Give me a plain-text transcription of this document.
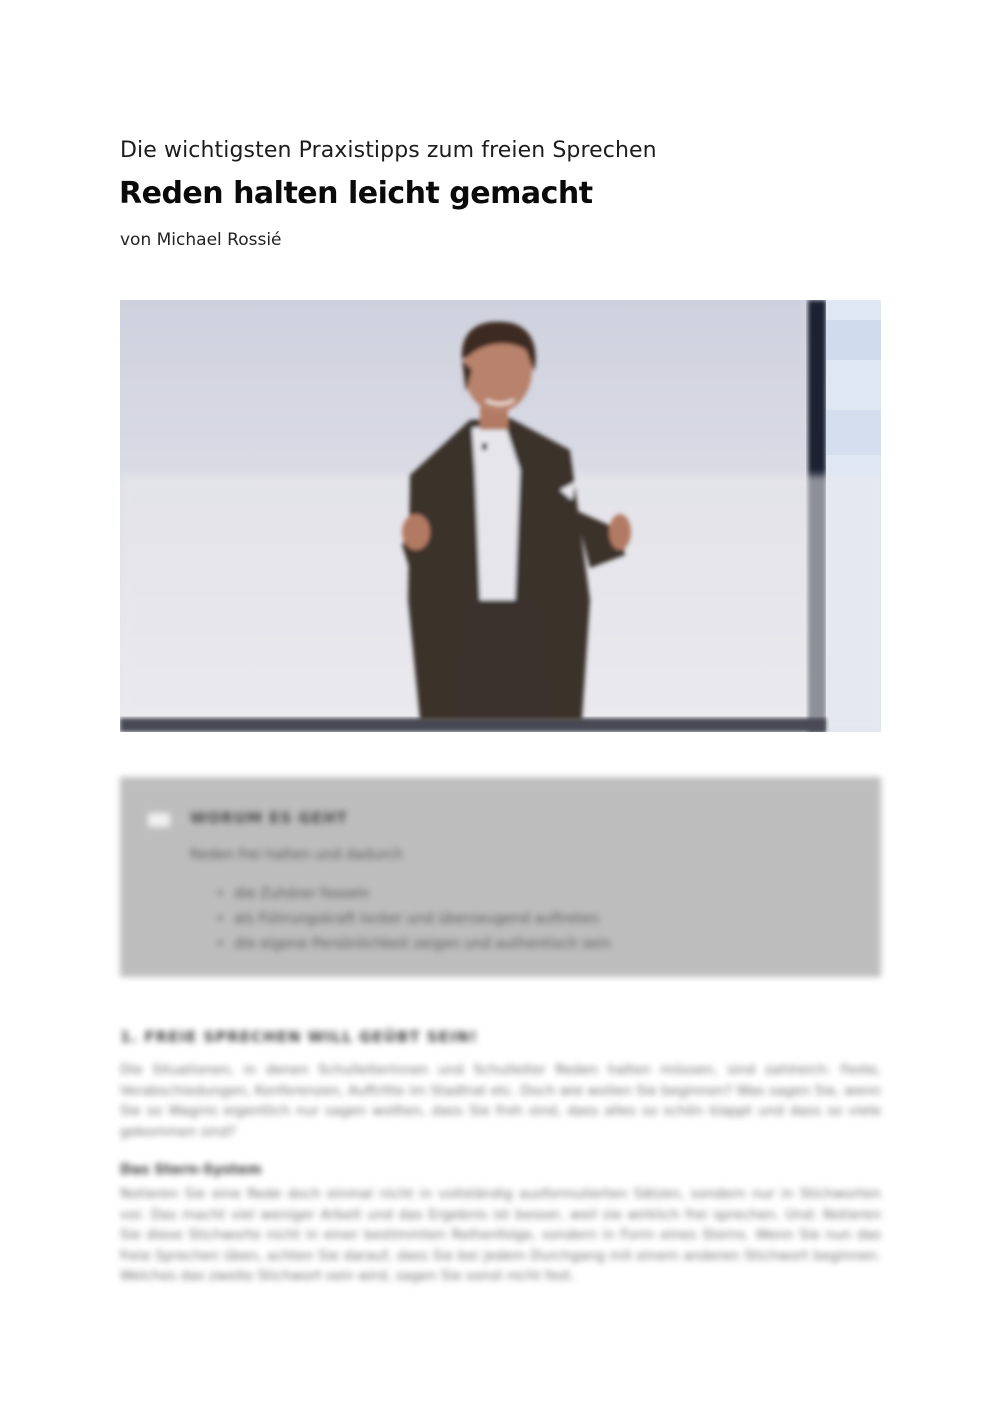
Die wichtigsten Praxistipps zum freien Sprechen
Reden halten leicht gemacht
von Michael Rossié
WORUM ES GEHT
Reden frei halten und dadurch
• die Zuhörer fesseln
• als Führungskraft locker und überzeugend auftreten
• die eigene Persönlichkeit zeigen und authentisch sein
1. FREIE SPRECHEN WILL GEÜBT SEIN!

Die Situationen, in denen Schulleiterinnen und Schulleiter Reden halten müssen, sind zahlreich: Feste, Verabschiedungen, Konferenzen, Auftritte im Stadtrat etc. Doch wie wollen Sie beginnen? Was sagen Sie, wenn Sie so Wagnis eigentlich nur sagen wollten, dass Sie froh sind, dass alles so schön klappt und dass so viele gekommen sind?

Das Stern-System

Notieren Sie eine Rede doch einmal nicht in vollständig ausformulierten Sätzen, sondern nur in Stichworten vor. Das macht viel weniger Arbeit und das Ergebnis ist besser, weil sie wirklich frei sprechen. Und: Notieren Sie diese Stichworte nicht in einer bestimmten Reihenfolge, sondern in Form eines Sterns. Wenn Sie nun das freie Sprechen üben, achten Sie darauf, dass Sie bei jedem Durchgang mit einem anderen Stichwort beginnen. Welches das zweite Stichwort sein wird, sagen Sie sonst nicht fest.
